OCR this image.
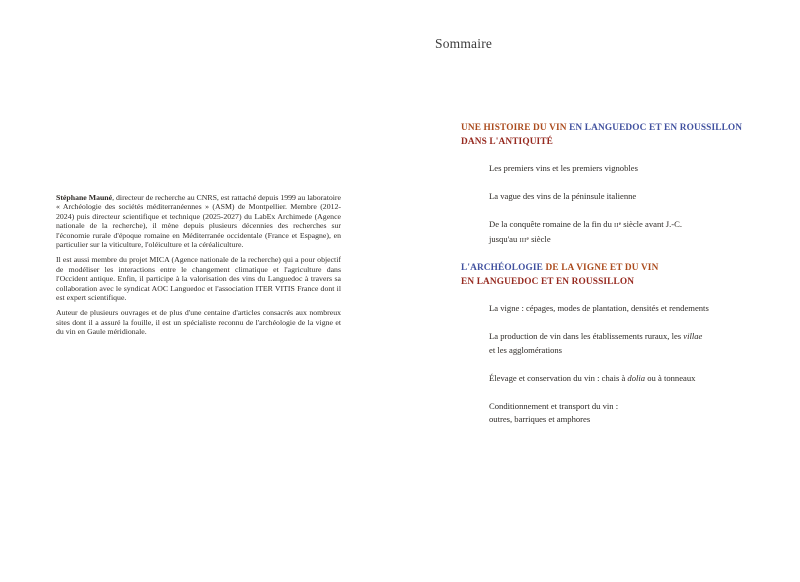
Sommaire

Stéphane Mauné, directeur de recherche au CNRS, est rattaché depuis 1999 au laboratoire « Archéologie des sociétés méditerranéennes » (ASM) de Montpellier. Membre (2012-2024) puis directeur scientifique et technique (2025-2027) du LabEx Archimede (Agence nationale de la recherche), il mène depuis plusieurs décennies des recherches sur l'économie rurale d'époque romaine en Méditerranée occidentale (France et Espagne), en particulier sur la viticulture, l'oléiculture et la céréaliculture.

Il est aussi membre du projet MICA (Agence nationale de la recherche) qui a pour objectif de modéliser les interactions entre le changement climatique et l'agriculture dans l'Occident antique. Enfin, il participe à la valorisation des vins du Languedoc à travers sa collaboration avec le syndicat AOC Languedoc et l'association ITER VITIS France dont il est expert scientifique.

Auteur de plusieurs ouvrages et de plus d'une centaine d'articles consacrés aux nombreux sites dont il a assuré la fouille, il est un spécialiste reconnu de l'archéologie de la vigne et du vin en Gaule méridionale.

UNE HISTOIRE DU VIN EN LANGUEDOC ET EN ROUSSILLON
DANS L'ANTIQUITÉ
Les premiers vins et les premiers vignobles
La vague des vins de la péninsule italienne
De la conquête romaine de la fin du IIe siècle avant J.-C.
jusqu'au IIIe siècle
L'ARCHÉOLOGIE DE LA VIGNE ET DU VIN
EN LANGUEDOC ET EN ROUSSILLON
La vigne : cépages, modes de plantation, densités et rendements
La production de vin dans les établissements ruraux, les villae
et les agglomérations
Élevage et conservation du vin : chais à dolia ou à tonneaux
Conditionnement et transport du vin :
outres, barriques et amphores
